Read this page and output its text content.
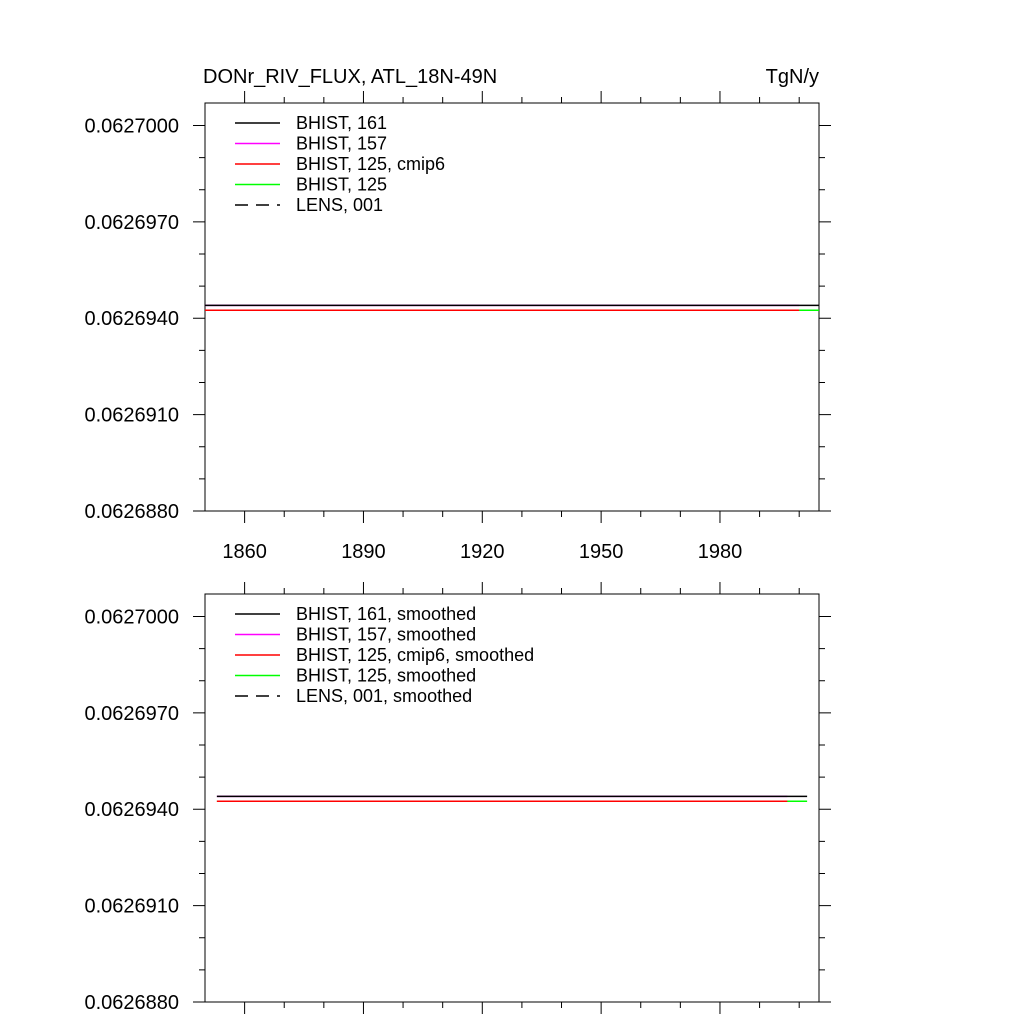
DONr_RIV_FLUX, ATL_18N-49N	TgN/y
0.0626880
0.0626910
0.0626940
0.0626970
0.0627000
1860	1890	1920	1950	1980
BHIST, 161
BHIST, 157
BHIST, 125, cmip6
BHIST, 125
LENS, 001
0.0626880
0.0626910
0.0626940
0.0626970
0.0627000	BHIST, 161, smoothed
BHIST, 157, smoothed
BHIST, 125, cmip6, smoothed
BHIST, 125, smoothed
LENS, 001, smoothed
